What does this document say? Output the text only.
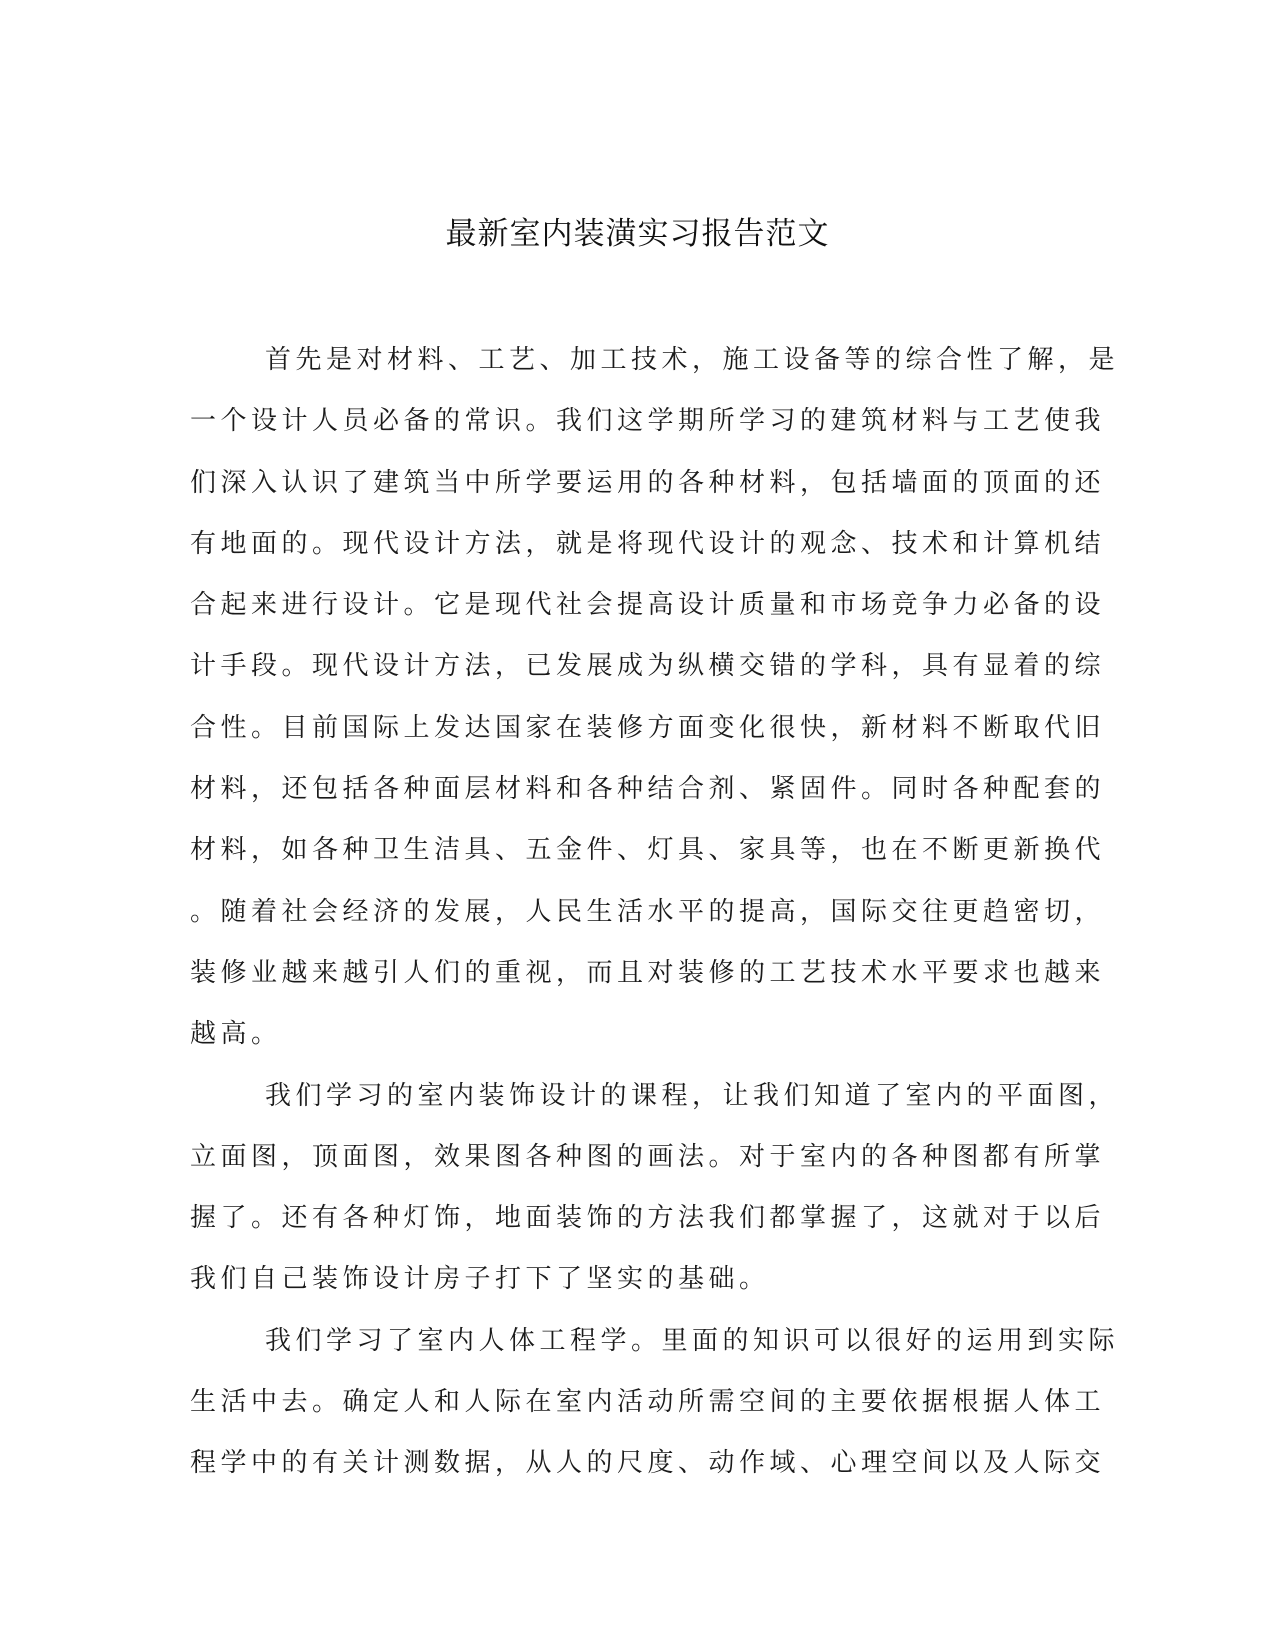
最新室内装潢实习报告范文
首先是对材料、工艺、加工技术，施工设备等的综合性了解，是
一个设计人员必备的常识。我们这学期所学习的建筑材料与工艺使我
们深入认识了建筑当中所学要运用的各种材料，包括墙面的顶面的还
有地面的。现代设计方法，就是将现代设计的观念、技术和计算机结
合起来进行设计。它是现代社会提高设计质量和市场竞争力必备的设
计手段。现代设计方法，已发展成为纵横交错的学科，具有显着的综
合性。目前国际上发达国家在装修方面变化很快，新材料不断取代旧
材料，还包括各种面层材料和各种结合剂、紧固件。同时各种配套的
材料，如各种卫生洁具、五金件、灯具、家具等，也在不断更新换代
。随着社会经济的发展，人民生活水平的提高，国际交往更趋密切，
装修业越来越引人们的重视，而且对装修的工艺技术水平要求也越来
越高。
我们学习的室内装饰设计的课程，让我们知道了室内的平面图，
立面图，顶面图，效果图各种图的画法。对于室内的各种图都有所掌
握了。还有各种灯饰，地面装饰的方法我们都掌握了，这就对于以后
我们自己装饰设计房子打下了坚实的基础。
我们学习了室内人体工程学。里面的知识可以很好的运用到实际
生活中去。确定人和人际在室内活动所需空间的主要依据根据人体工
程学中的有关计测数据，从人的尺度、动作域、心理空间以及人际交
